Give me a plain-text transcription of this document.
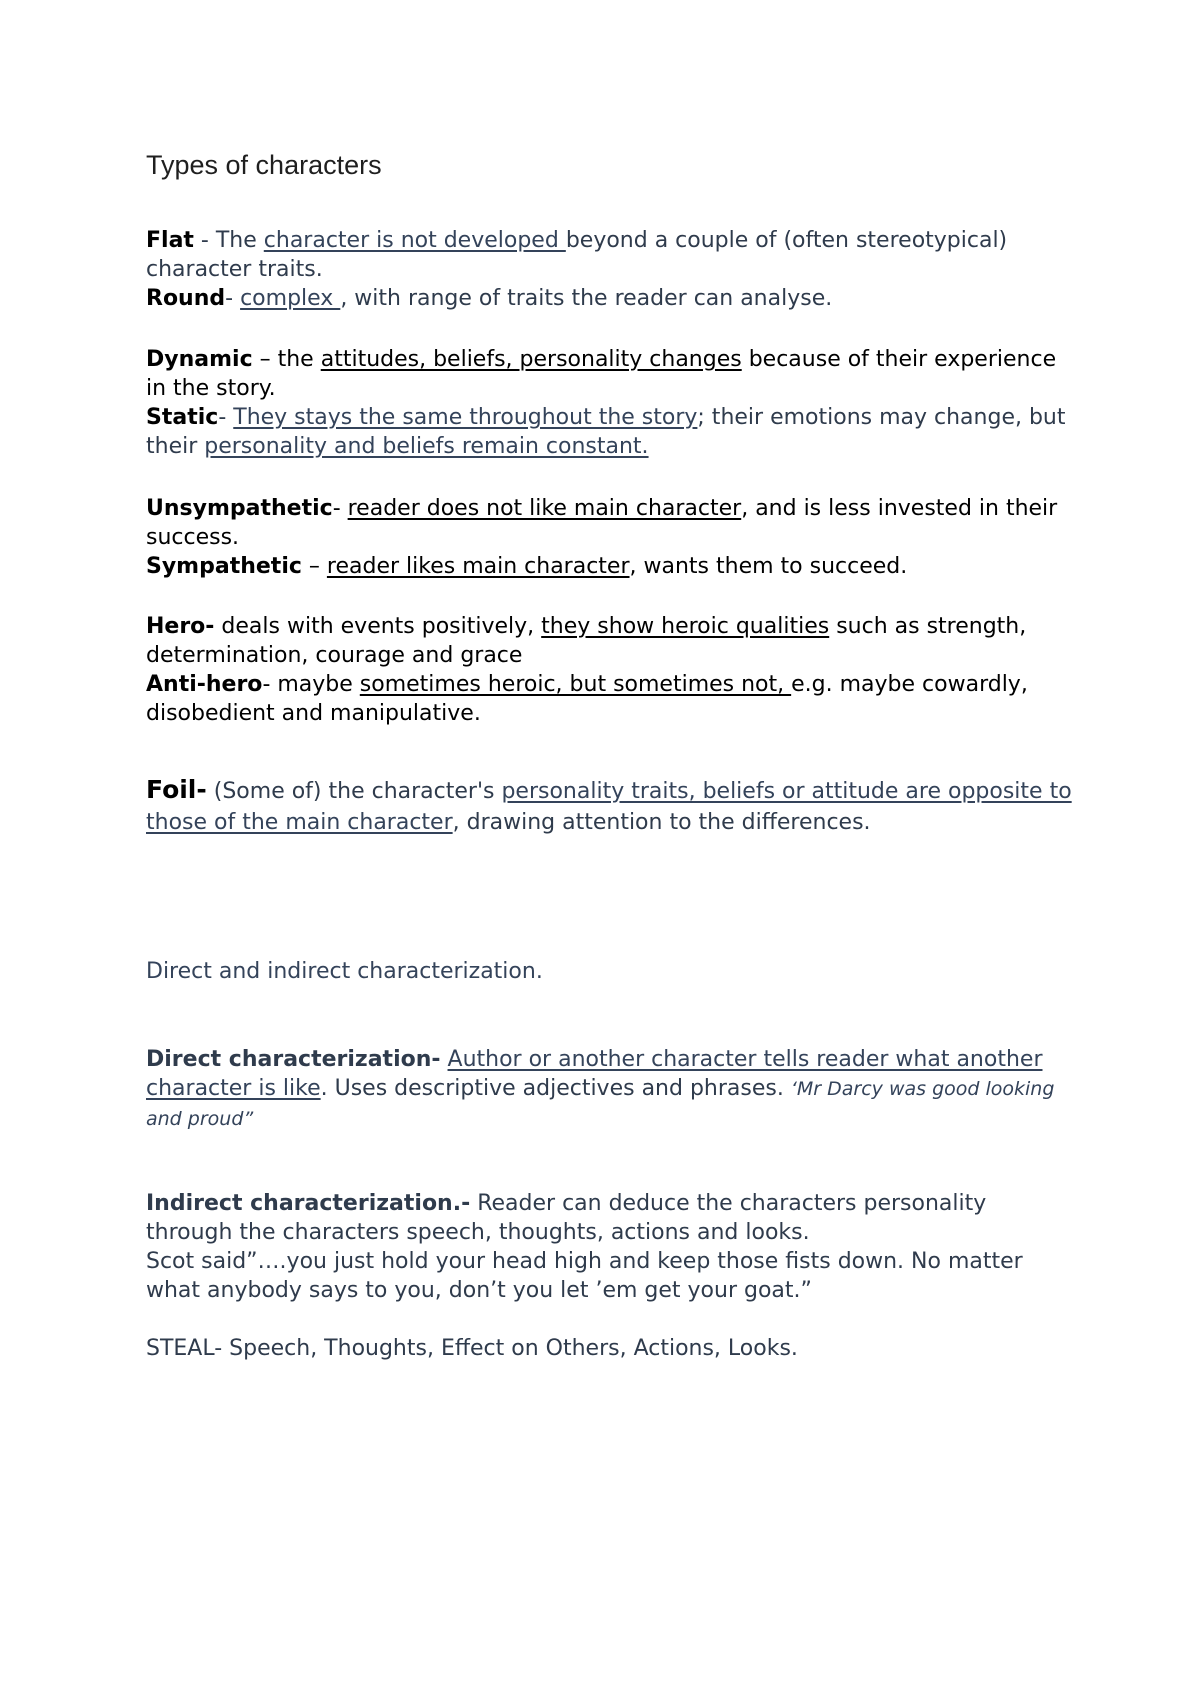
Types of characters

Flat - The character is not developed beyond a couple of (often stereotypical) character traits.

Round- complex , with range of traits the reader can analyse.

Dynamic – the attitudes, beliefs, personality changes because of their experience in the story.

Static- They stays the same throughout the story; their emotions may change, but their personality and beliefs remain constant.

Unsympathetic- reader does not like main character, and is less invested in their success.

Sympathetic – reader likes main character, wants them to succeed.

Hero- deals with events positively, they show heroic qualities such as strength, determination, courage and grace

Anti-hero- maybe sometimes heroic, but sometimes not, e.g. maybe cowardly, disobedient and manipulative.

Foil- (Some of) the character's personality traits, beliefs or attitude are opposite to those of the main character, drawing attention to the differences.

Direct and indirect characterization.

Direct characterization- Author or another character tells reader what another character is like. Uses descriptive adjectives and phrases. ‘Mr Darcy was good looking and proud”

Indirect characterization.- Reader can deduce the characters personality through the characters speech, thoughts, actions and looks.

Scot said”….you just hold your head high and keep those fists down. No matter what anybody says to you, don’t you let ’em get your goat.”

STEAL- Speech, Thoughts, Effect on Others, Actions, Looks.
